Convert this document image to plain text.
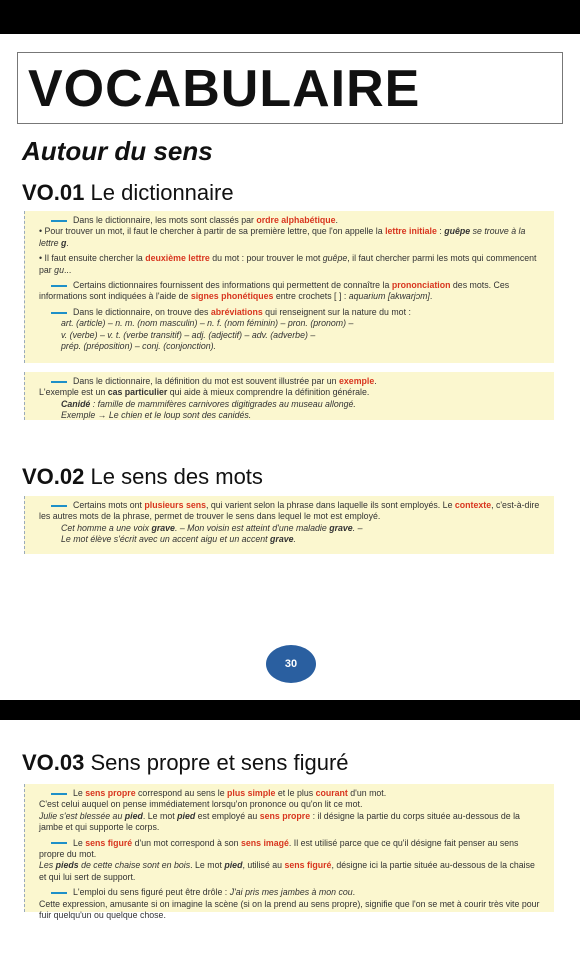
VOCABULAIRE
Autour du sens
VO.01 Le dictionnaire

Dans le dictionnaire, les mots sont classés par ordre alphabétique.
• Pour trouver un mot, il faut le chercher à partir de sa première lettre, que l'on appelle la lettre initiale : guêpe se trouve à la lettre g.

• Il faut ensuite chercher la deuxième lettre du mot : pour trouver le mot guêpe, il faut chercher parmi les mots qui commencent par gu...

Certains dictionnaires fournissent des informations qui permettent de connaître la prononciation des mots. Ces informations sont indiquées à l'aide de signes phonétiques entre crochets [ ] : aquarium [akwarjɔm].

Dans le dictionnaire, on trouve des abréviations qui renseignent sur la nature du mot :
art. (article) – n. m. (nom masculin) – n. f. (nom féminin) – pron. (pronom) –
v. (verbe) – v. t. (verbe transitif) – adj. (adjectif) – adv. (adverbe) –
prép. (préposition) – conj. (conjonction).

Dans le dictionnaire, la définition du mot est souvent illustrée par un exemple.
L'exemple est un cas particulier qui aide à mieux comprendre la définition générale.
Canidé : famille de mammifères carnivores digitigrades au museau allongé.
Exemple → Le chien et le loup sont des canidés.

VO.02 Le sens des mots

Certains mots ont plusieurs sens, qui varient selon la phrase dans laquelle ils sont employés. Le contexte, c'est-à-dire les autres mots de la phrase, permet de trouver le sens dans lequel le mot est employé.
Cet homme a une voix grave. – Mon voisin est atteint d'une maladie grave. –
Le mot élève s'écrit avec un accent aigu et un accent grave.

30
VO.03 Sens propre et sens figuré

Le sens propre correspond au sens le plus simple et le plus courant d'un mot.
C'est celui auquel on pense immédiatement lorsqu'on prononce ou qu'on lit ce mot.
Julie s'est blessée au pied. Le mot pied est employé au sens propre : il désigne la partie du corps située au-dessous de la jambe et qui supporte le corps.

Le sens figuré d'un mot correspond à son sens imagé. Il est utilisé parce que ce qu'il désigne fait penser au sens propre du mot.
Les pieds de cette chaise sont en bois. Le mot pied, utilisé au sens figuré, désigne ici la partie située au-dessous de la chaise et qui lui sert de support.

L'emploi du sens figuré peut être drôle : J'ai pris mes jambes à mon cou.
Cette expression, amusante si on imagine la scène (si on la prend au sens propre), signifie que l'on se met à courir très vite pour fuir quelqu'un ou quelque chose.
